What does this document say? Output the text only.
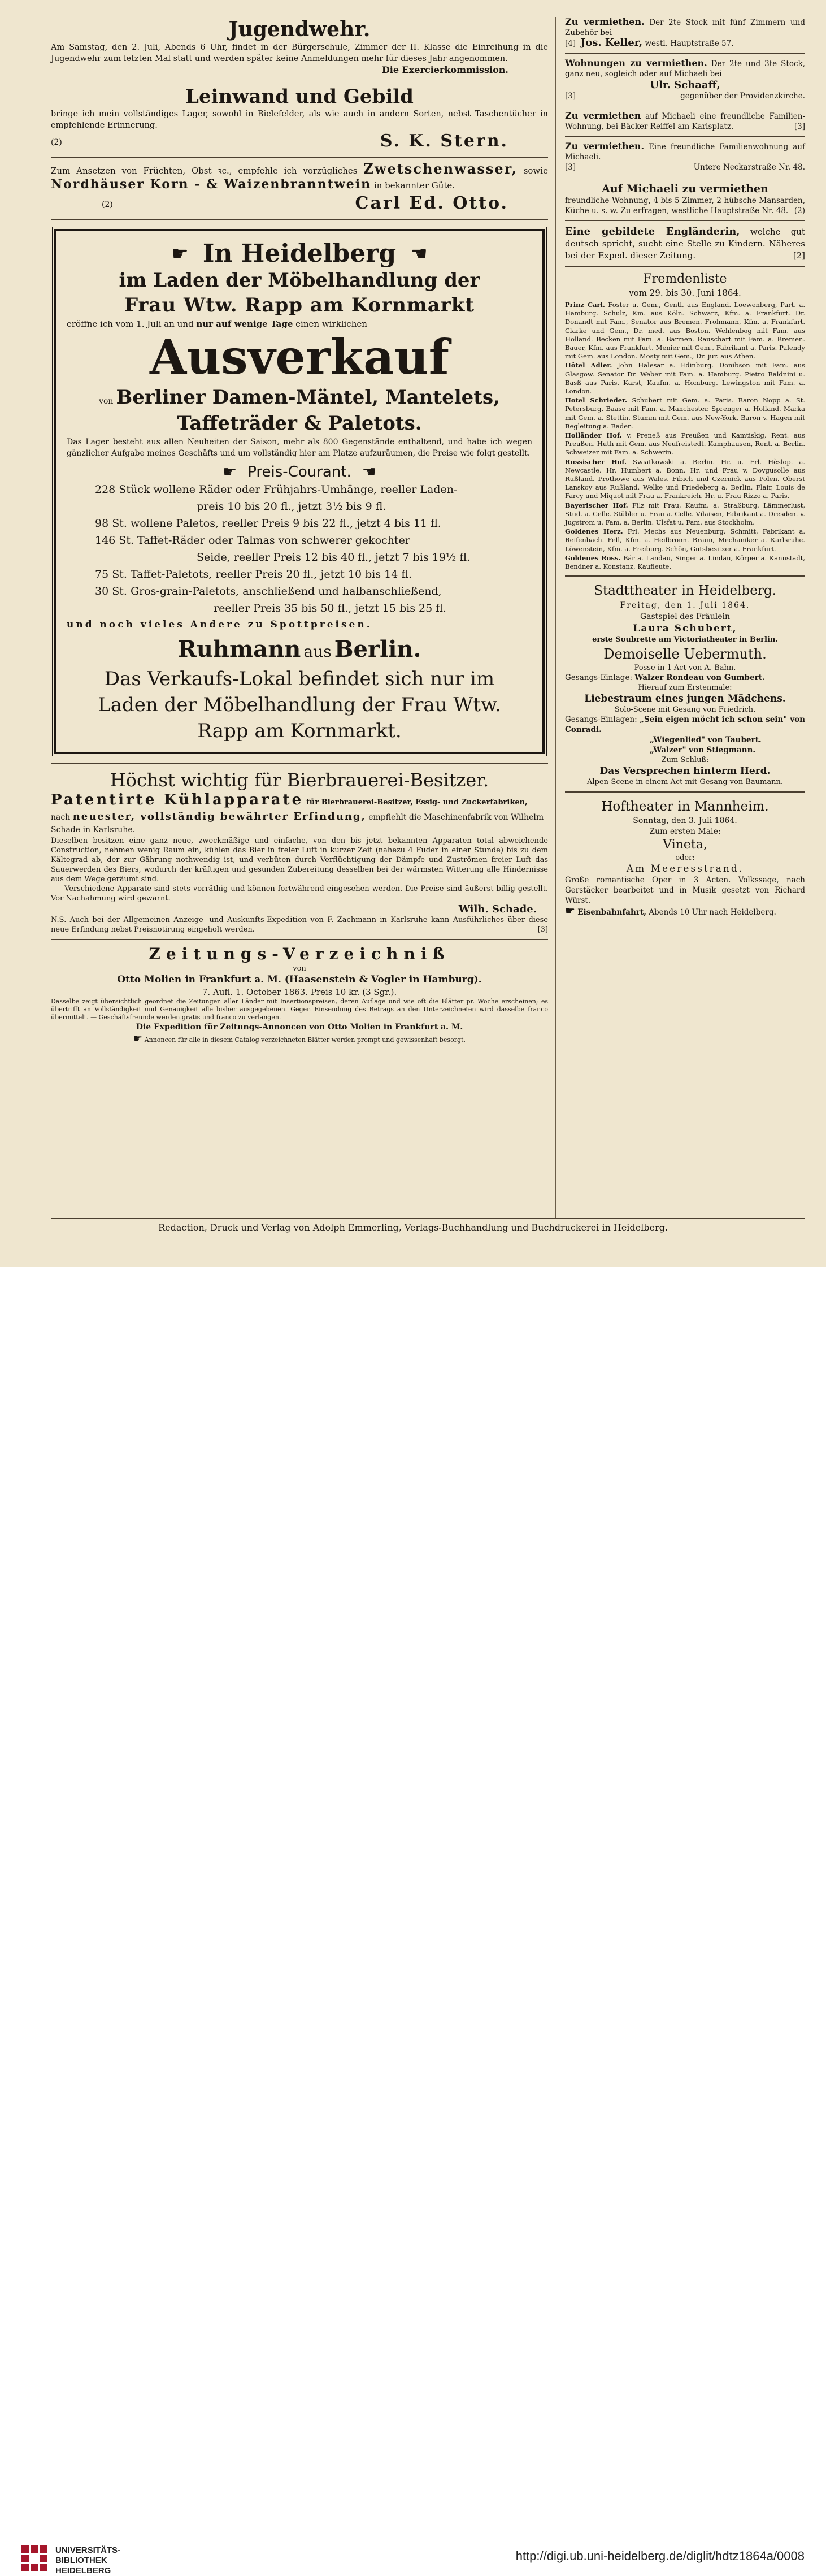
Jugendwehr.

Am Samstag, den 2. Juli, Abends 6 Uhr, findet in der Bürgerschule, Zimmer der II. Klasse die Einreihung in die Jugendwehr zum letzten Mal statt und werden später keine Anmeldungen mehr für dieses Jahr angenommen.

Die Exercierkommission.

Leinwand und Gebild

bringe ich mein vollständiges Lager, sowohl in Bielefelder, als wie auch in andern Sorten, nebst Taschentücher in empfehlende Erinnerung.

(2)	S. K. Stern.

Zum Ansetzen von Früchten, Obst ꝛc., empfehle ich vorzügliches Zwetschenwasser, sowie Nordhäuser Korn - & Waizenbranntwein in bekannter Güte.

(2)	Carl Ed. Otto.

☛ In Heidelberg ☚

im Laden der Möbelhandlung der

Frau Wtw. Rapp am Kornmarkt

eröffne ich vom 1. Juli an und nur auf wenige Tage einen wirklichen

Ausverkauf

von Berliner Damen-Mäntel, Mantelets,

Taffeträder & Paletots.

Das Lager besteht aus allen Neuheiten der Saison, mehr als 800 Gegenstände enthaltend, und habe ich wegen gänzlicher Aufgabe meines Geschäfts und um vollständig hier am Platze aufzuräumen, die Preise wie folgt gestellt.

☛ Preis-Courant. ☚

228 Stück wollene Räder oder Frühjahrs-Umhänge, reeller Laden-

preis 10 bis 20 fl., jetzt 3½ bis 9 fl.

98 St. wollene Paletos, reeller Preis 9 bis 22 fl., jetzt 4 bis 11 fl.

146 St. Taffet-Räder oder Talmas von schwerer gekochter

Seide, reeller Preis 12 bis 40 fl., jetzt 7 bis 19½ fl.

75 St. Taffet-Paletots, reeller Preis 20 fl., jetzt 10 bis 14 fl.

30 St. Gros-grain-Paletots, anschließend und halbanschließend,

reeller Preis 35 bis 50 fl., jetzt 15 bis 25 fl.

und noch vieles Andere zu Spottpreisen.

Ruhmann aus Berlin.

Das Verkaufs-Lokal befindet sich nur im

Laden der Möbelhandlung der Frau Wtw.

Rapp am Kornmarkt.

Höchst wichtig für Bierbrauerei-Besitzer.

Patentirte Kühlapparate für Bierbrauerei-Besitzer, Essig- und Zuckerfabriken,

nach neuester, vollständig bewährter Erfindung, empfiehlt die Maschinenfabrik von Wilhelm Schade in Karlsruhe.

Dieselben besitzen eine ganz neue, zweckmäßige und einfache, von den bis jetzt bekannten Apparaten total abweichende Construction, nehmen wenig Raum ein, kühlen das Bier in freier Luft in kurzer Zeit (nahezu 4 Fuder in einer Stunde) bis zu dem Kältegrad ab, der zur Gährung nothwendig ist, und verbüten durch Verflüchtigung der Dämpfe und Zuströmen freier Luft das Sauerwerden des Biers, wodurch der kräftigen und gesunden Zubereitung desselben bei der wärmsten Witterung alle Hindernisse aus dem Wege geräumt sind.

Verschiedene Apparate sind stets vorräthig und können fortwährend eingesehen werden. Die Preise sind äußerst billig gestellt. Vor Nachahmung wird gewarnt.

Wilh. Schade.

N.S. Auch bei der Allgemeinen Anzeige- und Auskunfts-Expedition von F. Zachmann in Karlsruhe kann Ausführliches über diese neue Erfindung nebst Preisnotirung eingeholt werden.	[3]

Zeitungs-Verzeichniß

von

Otto Molien in Frankfurt a. M. (Haasenstein & Vogler in Hamburg).

7. Aufl. 1. October 1863. Preis 10 kr. (3 Sgr.).

Dasselbe zeigt übersichtlich geordnet die Zeitungen aller Länder mit Insertionspreisen, deren Auflage und wie oft die Blätter pr. Woche erscheinen; es übertrifft an Vollständigkeit und Genauigkeit alle bisher ausgegebenen. Gegen Einsendung des Betrags an den Unterzeichneten wird dasselbe franco übermittelt. — Geschäftsfreunde werden gratis und franco zu verlangen.

Die Expedition für Zeitungs-Annoncen von Otto Molien in Frankfurt a. M.

☛ Annoncen für alle in diesem Catalog verzeichneten Blätter werden prompt und gewissenhaft besorgt.

Zu vermiethen. Der 2te Stock mit fünf Zimmern und Zubehör bei

[4] Jos. Keller, westl. Hauptstraße 57.

Wohnungen zu vermiethen. Der 2te und 3te Stock, ganz neu, sogleich oder auf Michaeli bei

Ulr. Schaaff,

[3]	gegenüber der Providenzkirche.

Zu vermiethen auf Michaeli eine freundliche Familien-Wohnung, bei Bäcker Reiffel am Karlsplatz.	[3]

Zu vermiethen. Eine freundliche Familienwohnung auf Michaeli.

[3]	Untere Neckarstraße Nr. 48.

Auf Michaeli zu vermiethen

freundliche Wohnung, 4 bis 5 Zimmer, 2 hübsche Mansarden, Küche u. s. w. Zu erfragen, westliche Hauptstraße Nr. 48. (2)

Eine gebildete Engländerin, welche gut deutsch spricht, sucht eine Stelle zu Kindern. Näheres bei der Exped. dieser Zeitung.	[2]

Fremdenliste

vom 29. bis 30. Juni 1864.

Prinz Carl. Foster u. Gem., Gentl. aus England. Loewenberg, Part. a. Hamburg. Schulz, Km. aus Köln. Schwarz, Kfm. a. Frankfurt. Dr. Donandt mit Fam., Senator aus Bremen. Frohmann, Kfm. a. Frankfurt. Clarke und Gem., Dr. med. aus Boston. Wehlenbog mit Fam. aus Holland. Becken mit Fam. a. Barmen. Rauschart mit Fam. a. Bremen. Bauer, Kfm. aus Frankfurt. Menier mit Gem., Fabrikant a. Paris. Palendy mit Gem. aus London. Mosty mit Gem., Dr. jur. aus Athen.

Hôtel Adler. John Halesar a. Edinburg. Donibson mit Fam. aus Glasgow. Senator Dr. Weber mit Fam. a. Hamburg. Pietro Baldnini u. Basß aus Paris. Karst, Kaufm. a. Homburg. Lewingston mit Fam. a. London.

Hotel Schrieder. Schubert mit Gem. a. Paris. Baron Nopp a. St. Petersburg. Baase mit Fam. a. Manchester. Sprenger a. Holland. Marka mit Gem. a. Stettin. Stumm mit Gem. aus New-York. Baron v. Hagen mit Begleitung a. Baden.

Holländer Hof. v. Preneß aus Preußen und Kamtiskig, Rent. aus Preußen. Huth mit Gem. aus Neufreistedt. Kamphausen, Rent. a. Berlin. Schweizer mit Fam. a. Schwerin.

Russischer Hof. Swiatkowski a. Berlin. Hr. u. Frl. Hèslop. a. Newcastle. Hr. Humbert a. Bonn. Hr. und Frau v. Dovgusolle aus Rußland. Prothowe aus Wales. Fibich und Czernick aus Polen. Oberst Lanskoy aus Rußland. Welke und Friedeberg a. Berlin. Flair, Louis de Farcy und Miquot mit Frau a. Frankreich. Hr. u. Frau Rizzo a. Paris.

Bayerischer Hof. Filz mit Frau, Kaufm. a. Straßburg. Lämmerlust, Stud. a. Celle. Stübler u. Frau a. Celle. Vilaisen, Fabrikant a. Dresden. v. Jugstrom u. Fam. a. Berlin. Ulsfat u. Fam. aus Stockholm.

Goldenes Herz. Frl. Mechs aus Neuenburg. Schmitt, Fabrikant a. Reifenbach. Fell, Kfm. a. Heilbronn. Braun, Mechaniker a. Karlsruhe. Löwenstein, Kfm. a. Freiburg. Schön, Gutsbesitzer a. Frankfurt.

Goldenes Ross. Bär a. Landau, Singer a. Lindau, Körper a. Kannstadt, Bendner a. Konstanz, Kaufleute.

Stadttheater in Heidelberg.

Freitag, den 1. Juli 1864.

Gastspiel des Fräulein

Laura Schubert,

erste Soubrette am Victoriatheater in Berlin.

Demoiselle Uebermuth.

Posse in 1 Act von A. Bahn.

Gesangs-Einlage: Walzer Rondeau von Gumbert.

Hierauf zum Erstenmale:

Liebestraum eines jungen Mädchens.

Solo-Scene mit Gesang von Friedrich.

Gesangs-Einlagen: „Sein eigen möcht ich schon sein" von Conradi.

„Wiegenlied" von Taubert.

„Walzer" von Stiegmann.

Zum Schluß:

Das Versprechen hinterm Herd.

Alpen-Scene in einem Act mit Gesang von Baumann.

Hoftheater in Mannheim.

Sonntag, den 3. Juli 1864.

Zum ersten Male:

Vineta,

oder:

Am Meeresstrand.

Große romantische Oper in 3 Acten. Volkssage, nach Gerstäcker bearbeitet und in Musik gesetzt von Richard Würst.

☛ Eisenbahnfahrt, Abends 10 Uhr nach Heidelberg.

Redaction, Druck und Verlag von Adolph Emmerling, Verlags-Buchhandlung und Buchdruckerei in Heidelberg.

UNIVERSITÄTS-
BIBLIOTHEK
HEIDELBERG
http://digi.ub.uni-heidelberg.de/diglit/hdtz1864a/0008
